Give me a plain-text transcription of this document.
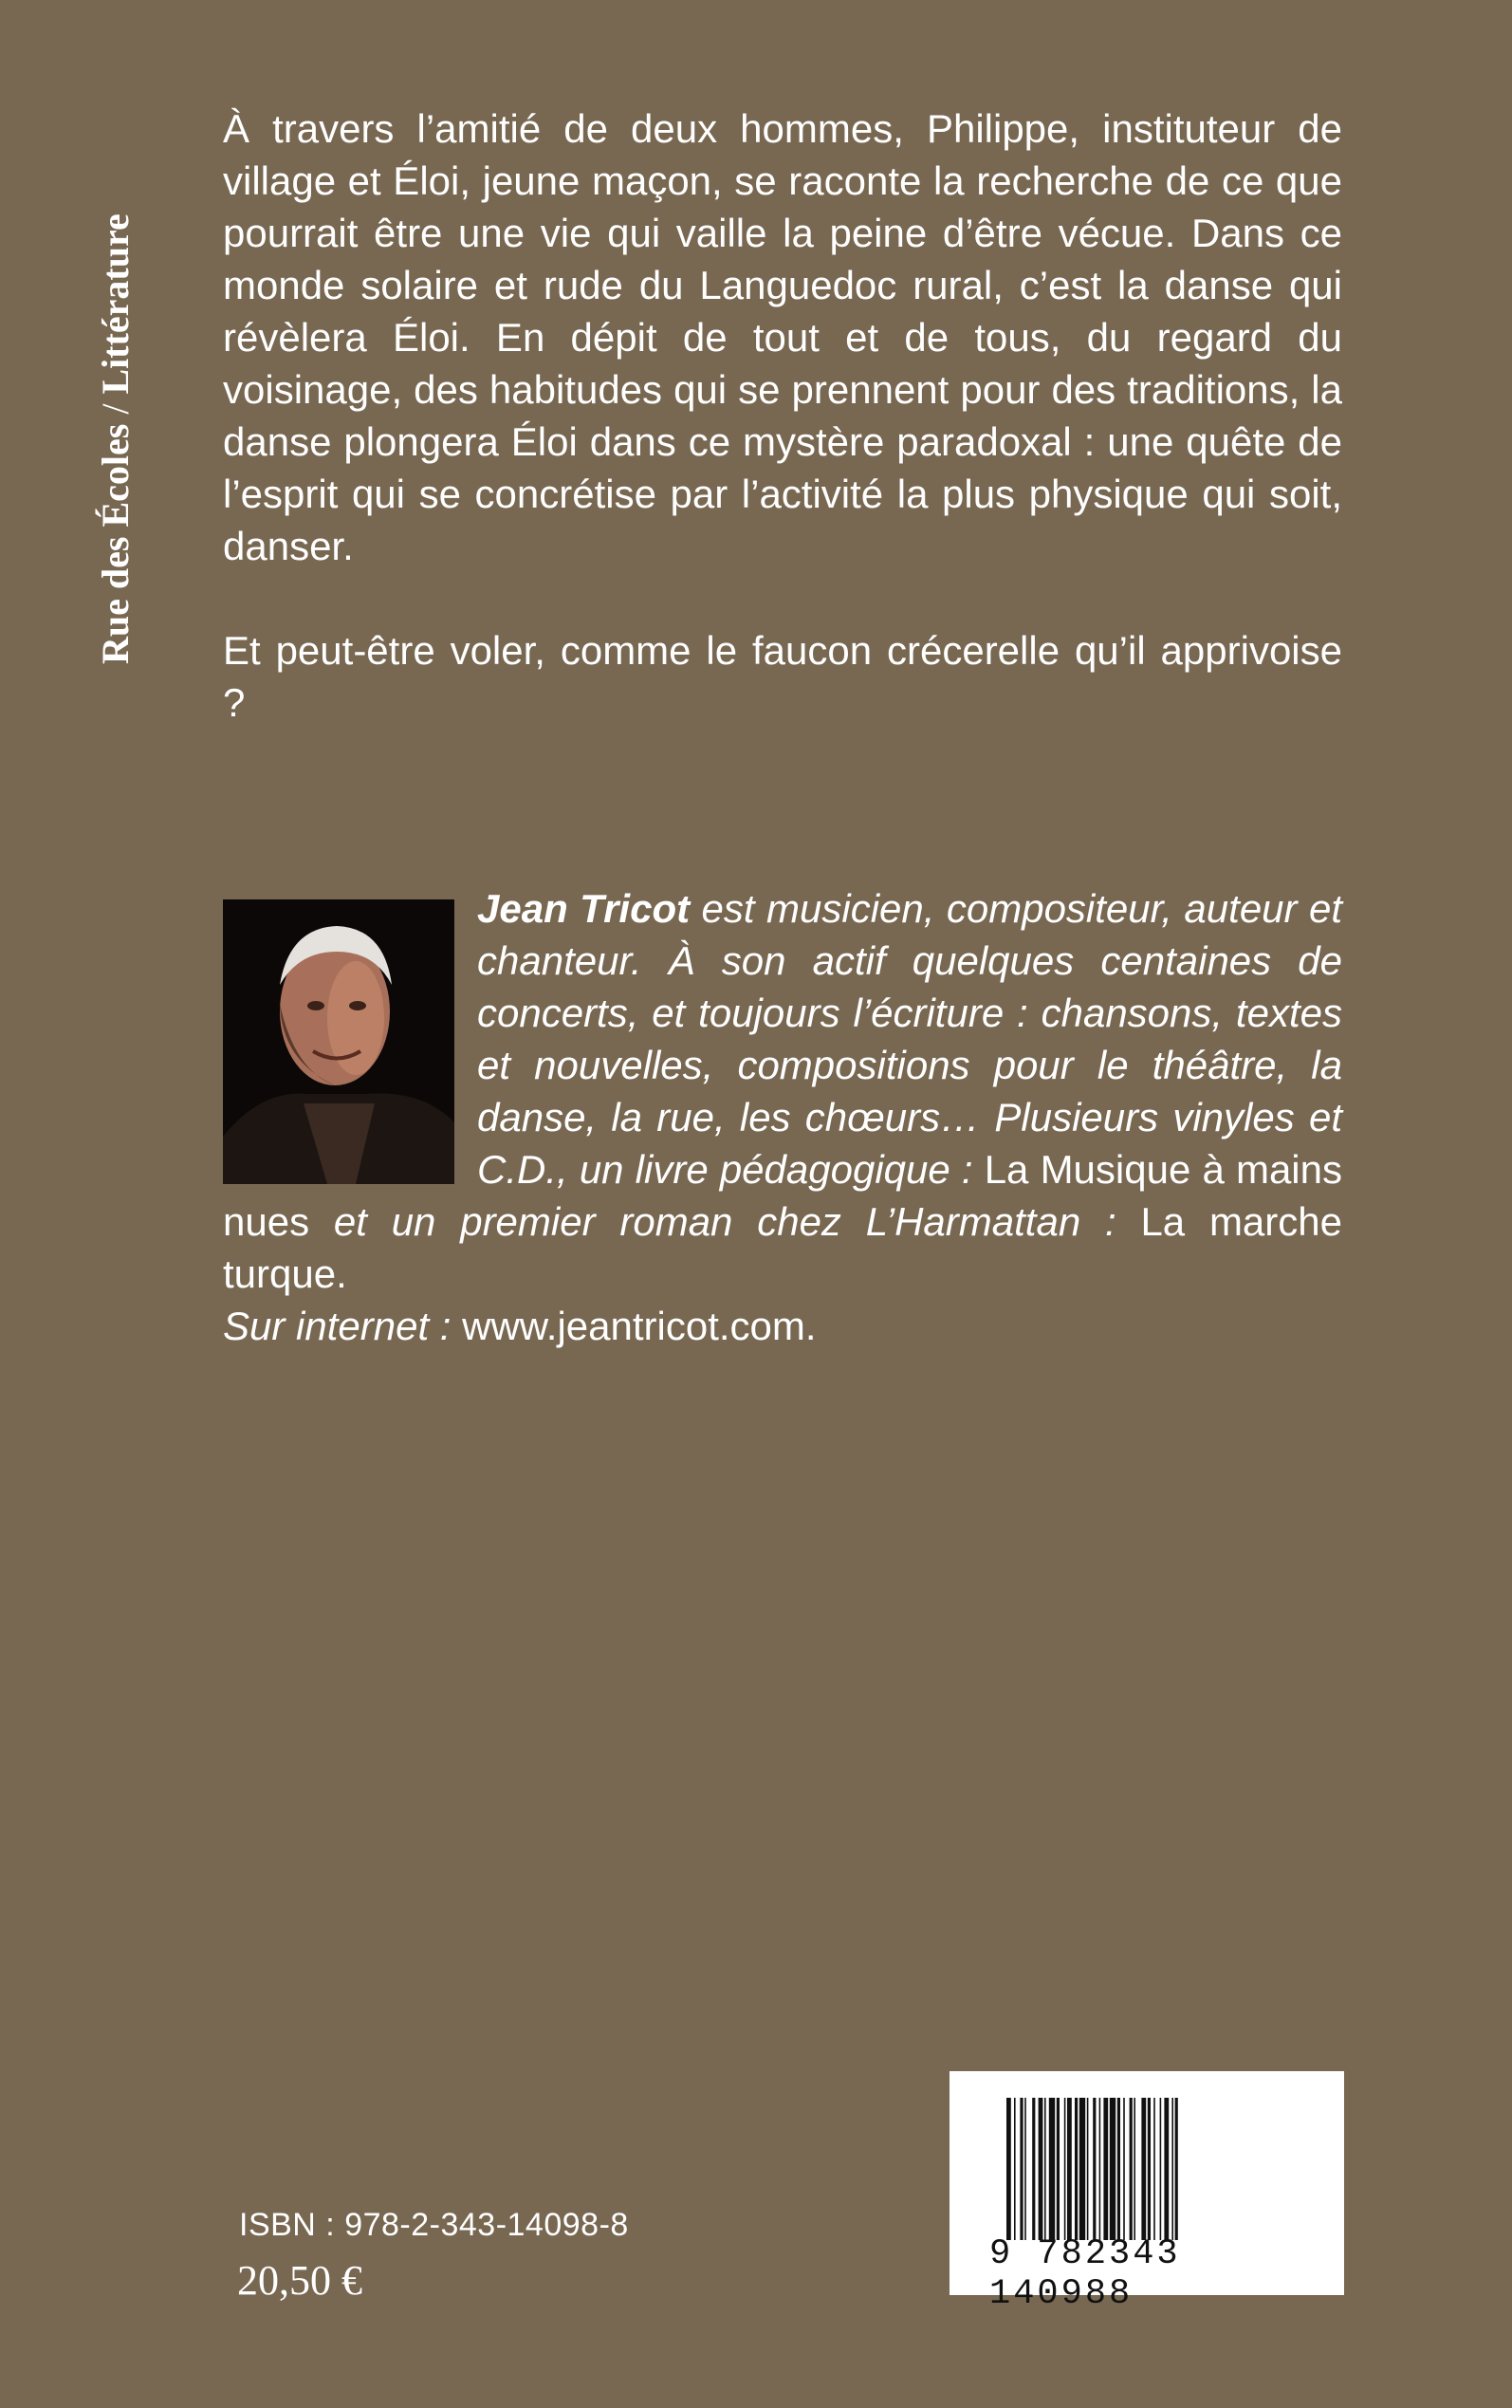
Rue des Écoles / Littérature

À travers l’amitié de deux hommes, Philippe, instituteur de village et Éloi, jeune maçon, se raconte la recherche de ce que pourrait être une vie qui vaille la peine d’être vécue. Dans ce monde solaire et rude du Languedoc rural, c’est la danse qui révèlera Éloi. En dépit de tout et de tous, du regard du voisinage, des habitudes qui se prennent pour des traditions, la danse plongera Éloi dans ce mystère paradoxal : une quête de l’esprit qui se concrétise par l’activité la plus physique qui soit, danser.

Et peut-être voler, comme le faucon crécerelle qu’il apprivoise ?

Jean Tricot est musicien, compositeur, auteur et chanteur. À son actif quelques centaines de concerts, et toujours l’écriture : chansons, textes et nouvelles, compositions pour le théâtre, la danse, la rue, les chœurs… Plusieurs vinyles et C.D., un livre pédagogique : La Musique à mains nues et un premier roman chez L’Harmattan : La marche turque.
Sur internet : www.jeantricot.com.
ISBN : 978-2-343-14098-8
20,50 €
9 782343 140988
